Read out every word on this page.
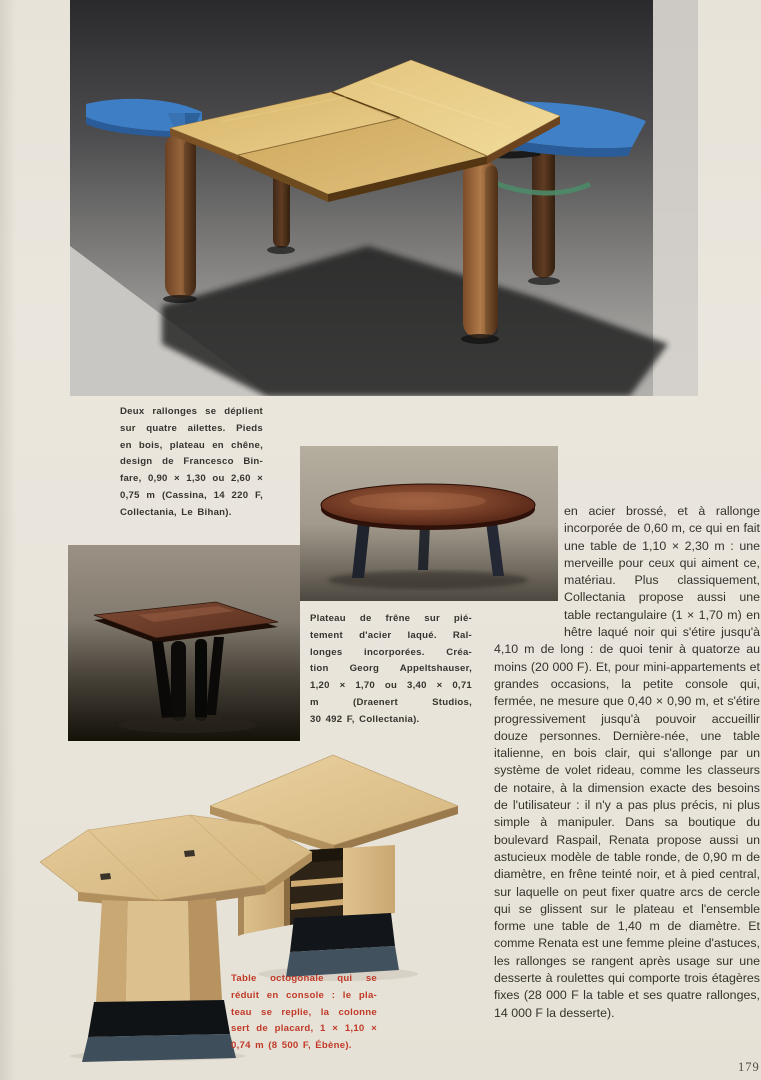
Deux rallonges se déplient
sur quatre ailettes. Pieds
en bois, plateau en chêne,
design de Francesco Bin-
fare, 0,90 × 1,30 ou 2,60 ×
0,75 m (Cassina, 14 220 F,
Collectania, Le Bihan).
Plateau de frêne sur pié-
tement d'acier laqué. Ral-
longes incorporées. Créa-
tion Georg Appeltshauser,
1,20 × 1,70 ou 3,40 × 0,71
m (Draenert Studios,
30 492 F, Collectania).
en acier brossé, et à rallonge incorporée de 0,60 m, ce qui en fait une table de 1,10 × 2,30 m : une merveille pour ceux qui aiment ce, matériau. Plus classiquement, Collectania propose aussi une table rectangulaire (1 × 1,70 m) en hêtre laqué noir qui s'étire jusqu'à 4,10 m de long : de quoi tenir à quatorze au moins (20 000 F). Et, pour mini-appartements et grandes occasions, la petite console qui, fermée, ne mesure que 0,40 × 0,90 m, et s'étire progressivement jusqu'à pouvoir accueillir douze personnes. Dernière-née, une table italienne, en bois clair, qui s'allonge par un système de volet rideau, comme les classeurs de notaire, à la dimension exacte des besoins de l'utilisateur : il n'y a pas plus précis, ni plus simple à manipuler. Dans sa boutique du boulevard Raspail, Renata propose aussi un astucieux modèle de table ronde, de 0,90 m de diamètre, en frêne teinté noir, et à pied central, sur laquelle on peut fixer quatre arcs de cercle qui se glissent sur le plateau et l'ensemble forme une table de 1,40 m de diamètre. Et comme Renata est une femme pleine d'astuces, les rallonges se rangent après usage sur une desserte à roulettes qui comporte trois étagères fixes (28 000 F la table et ses quatre rallonges, 14 000 F la desserte).
Table octogonale qui se
réduit en console : le pla-
teau se replie, la colonne
sert de placard, 1 × 1,10 ×
0,74 m (8 500 F, Ébène).
179
